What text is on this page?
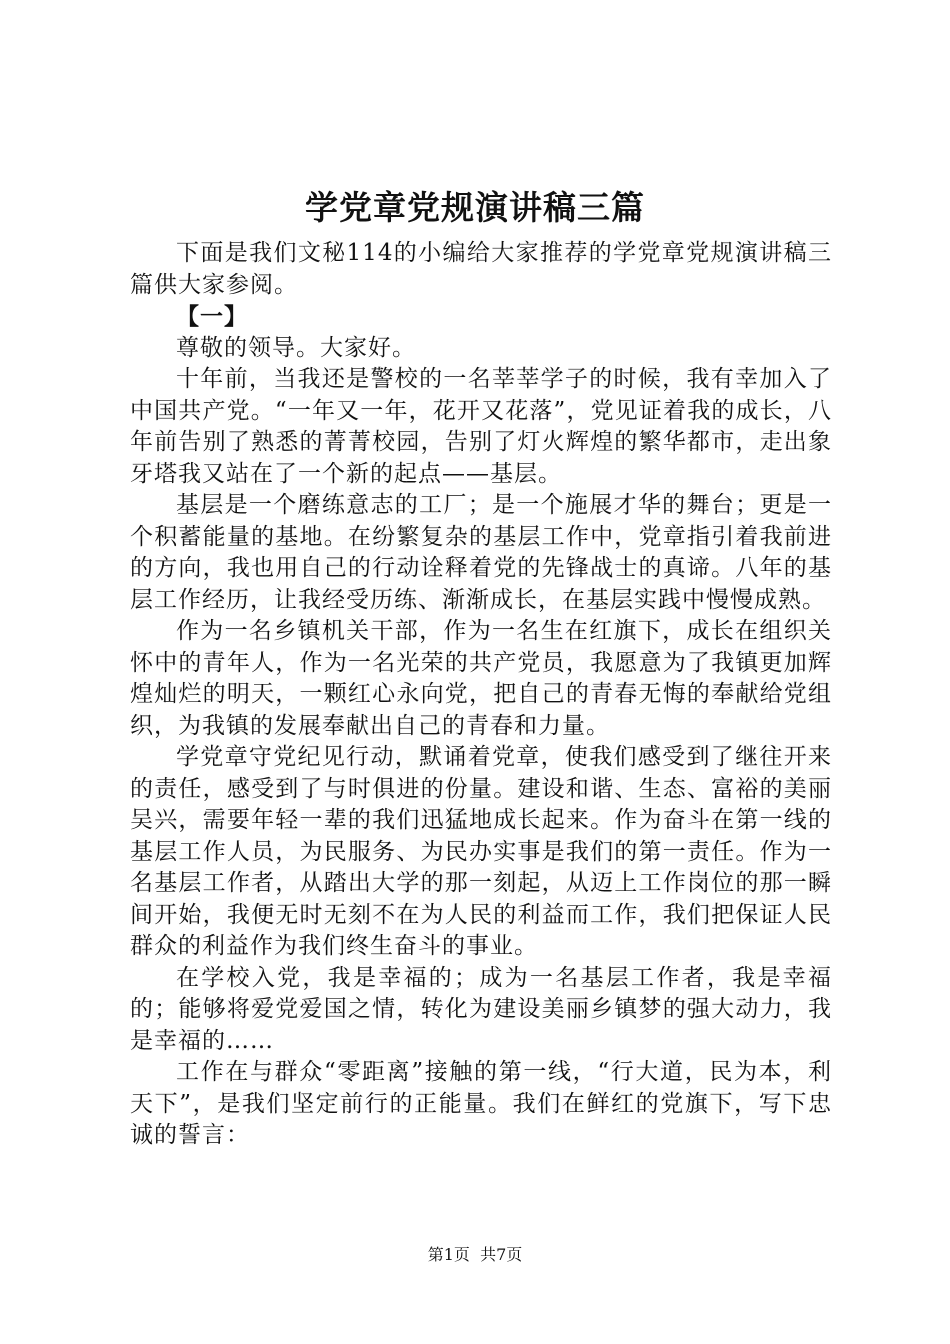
学党章党规演讲稿三篇

下面是我们文秘114的小编给大家推荐的学党章党规演讲稿三篇供大家参阅。

【一】

尊敬的领导。大家好。

十年前，当我还是警校的一名莘莘学子的时候，我有幸加入了中国共产党。“一年又一年，花开又花落”，党见证着我的成长，八年前告别了熟悉的菁菁校园，告别了灯火辉煌的繁华都市，走出象牙塔我又站在了一个新的起点——基层。

基层是一个磨练意志的工厂；是一个施展才华的舞台；更是一个积蓄能量的基地。在纷繁复杂的基层工作中，党章指引着我前进的方向，我也用自己的行动诠释着党的先锋战士的真谛。八年的基层工作经历，让我经受历练、渐渐成长，在基层实践中慢慢成熟。

作为一名乡镇机关干部，作为一名生在红旗下，成长在组织关怀中的青年人，作为一名光荣的共产党员，我愿意为了我镇更加辉煌灿烂的明天，一颗红心永向党，把自己的青春无悔的奉献给党组织，为我镇的发展奉献出自己的青春和力量。

学党章守党纪见行动，默诵着党章，使我们感受到了继往开来的责任，感受到了与时俱进的份量。建设和谐、生态、富裕的美丽吴兴，需要年轻一辈的我们迅猛地成长起来。作为奋斗在第一线的基层工作人员，为民服务、为民办实事是我们的第一责任。作为一名基层工作者，从踏出大学的那一刻起，从迈上工作岗位的那一瞬间开始，我便无时无刻不在为人民的利益而工作，我们把保证人民群众的利益作为我们终生奋斗的事业。

在学校入党，我是幸福的；成为一名基层工作者，我是幸福的；能够将爱党爱国之情，转化为建设美丽乡镇梦的强大动力，我是幸福的……

工作在与群众“零距离”接触的第一线，“行大道，民为本，利天下”，是我们坚定前行的正能量。我们在鲜红的党旗下，写下忠诚的誓言：

第1页  共7页
